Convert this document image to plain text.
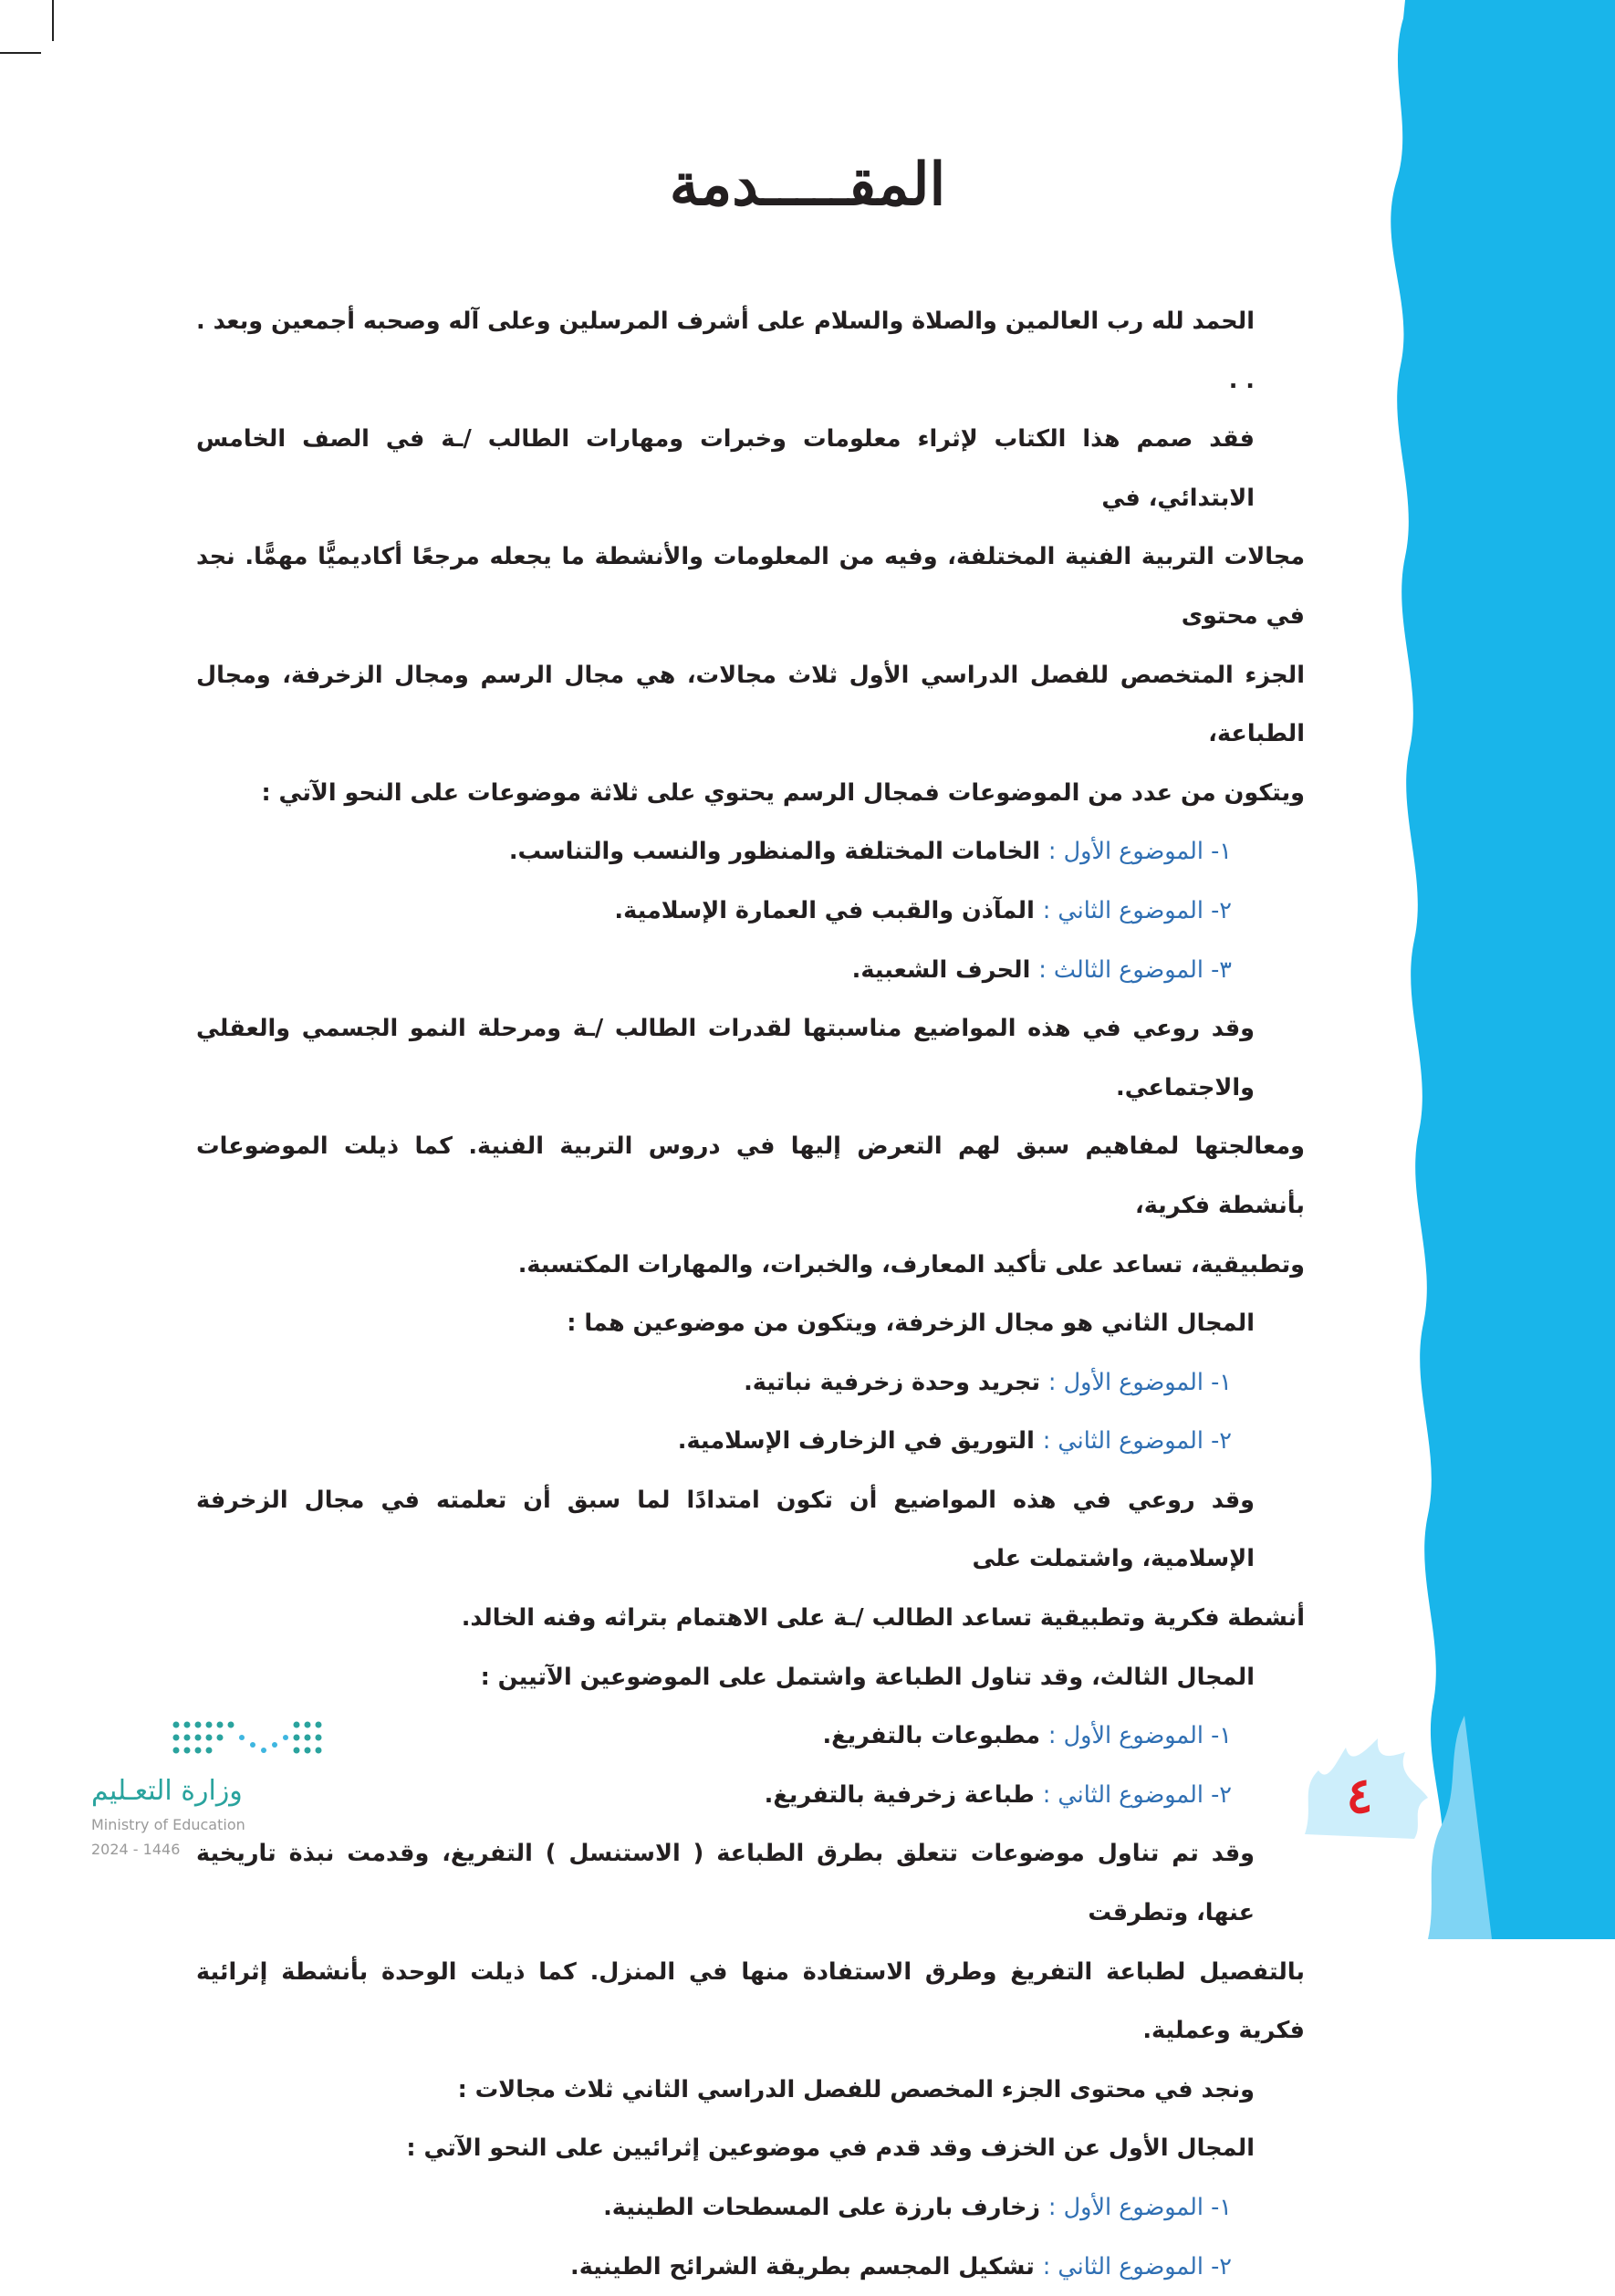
المقـــــدمة

الحمد لله رب العالمين والصلاة والسلام على أشرف المرسلين وعلى آله وصحبه أجمعين وبعد . . .

فقد صمم هذا الكتاب لإثراء معلومات وخبرات ومهارات الطالب /ـة في الصف الخامس الابتدائي، في

مجالات التربية الفنية المختلفة، وفيه من المعلومات والأنشطة ما يجعله مرجعًا أكاديميًّا مهمًّا. نجد في محتوى

الجزء المتخصص للفصل الدراسي الأول ثلاث مجالات، هي مجال الرسم ومجال الزخرفة، ومجال الطباعة،

ويتكون من عدد من الموضوعات فمجال الرسم يحتوي على ثلاثة موضوعات على النحو الآتي :

١- الموضوع الأول : الخامات المختلفة والمنظور والنسب والتناسب.

٢- الموضوع الثاني : المآذن والقبب في العمارة الإسلامية.

٣- الموضوع الثالث : الحرف الشعبية.

وقد روعي في هذه المواضيع مناسبتها لقدرات الطالب /ـة ومرحلة النمو الجسمي والعقلي والاجتماعي.

ومعالجتها لمفاهيم سبق لهم التعرض إليها في دروس التربية الفنية. كما ذيلت الموضوعات بأنشطة فكرية،

وتطبيقية، تساعد على تأكيد المعارف، والخبرات، والمهارات المكتسبة.

المجال الثاني هو مجال الزخرفة، ويتكون من موضوعين هما :

١- الموضوع الأول : تجريد وحدة زخرفية نباتية.

٢- الموضوع الثاني : التوريق في الزخارف الإسلامية.

وقد روعي في هذه المواضيع أن تكون امتدادًا لما سبق أن تعلمته في مجال الزخرفة الإسلامية، واشتملت على

أنشطة فكرية وتطبيقية تساعد الطالب /ـة على الاهتمام بتراثه وفنه الخالد.

المجال الثالث، وقد تناول الطباعة واشتمل على الموضوعين الآتيين :

١- الموضوع الأول : مطبوعات بالتفريغ.

٢- الموضوع الثاني : طباعة زخرفية بالتفريغ.

وقد تم تناول موضوعات تتعلق بطرق الطباعة ( الاستنسل ) التفريغ، وقدمت نبذة تاريخية عنها، وتطرقت

بالتفصيل لطباعة التفريغ وطرق الاستفادة منها في المنزل. كما ذيلت الوحدة بأنشطة إثرائية فكرية وعملية.

ونجد في محتوى الجزء المخصص للفصل الدراسي الثاني ثلاث مجالات :

المجال الأول عن الخزف وقد قدم في موضوعين إثرائيين على النحو الآتي :

١- الموضوع الأول : زخارف بارزة على المسطحات الطينية.

٢- الموضوع الثاني : تشكيل المجسم بطريقة الشرائح الطينية.

٤
وزارة التعـليم
Ministry of Education
2024 - 1446
